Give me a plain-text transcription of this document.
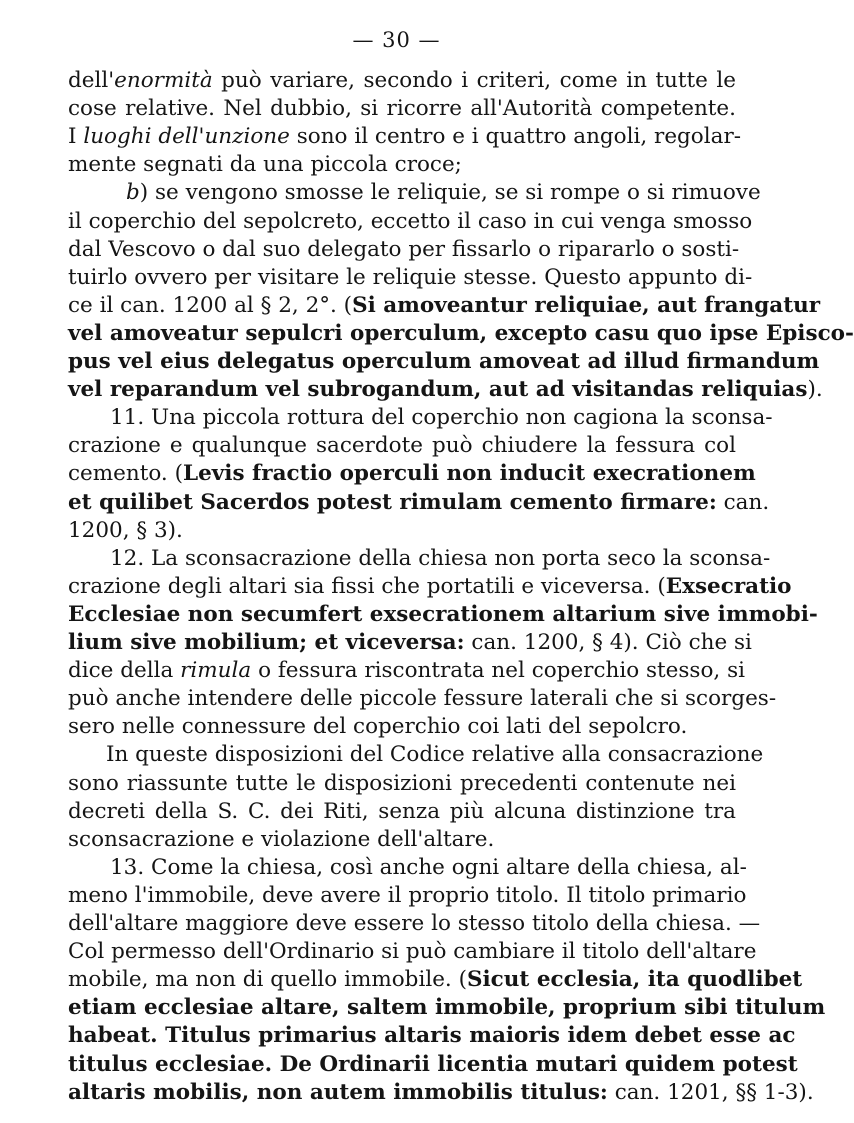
— 30 —
dell'enormità può variare, secondo i criteri, come in tutte le
cose relative. Nel dubbio, si ricorre all'Autorità competente.
I luoghi dell'unzione sono il centro e i quattro angoli, regolar-
mente segnati da una piccola croce;
b) se vengono smosse le reliquie, se si rompe o si rimuove
il coperchio del sepolcreto, eccetto il caso in cui venga smosso
dal Vescovo o dal suo delegato per fissarlo o ripararlo o sosti-
tuirlo ovvero per visitare le reliquie stesse. Questo appunto di-
ce il can. 1200 al § 2, 2°. (Si amoveantur reliquiae, aut frangatur
vel amoveatur sepulcri operculum, excepto casu quo ipse Episco-
pus vel eius delegatus operculum amoveat ad illud firmandum
vel reparandum vel subrogandum, aut ad visitandas reliquias).
11. Una piccola rottura del coperchio non cagiona la sconsa-
crazione e qualunque sacerdote può chiudere la fessura col
cemento. (Levis fractio operculi non inducit execrationem
et quilibet Sacerdos potest rimulam cemento firmare: can.
1200, § 3).
12. La sconsacrazione della chiesa non porta seco la sconsa-
crazione degli altari sia fissi che portatili e viceversa. (Exsecratio
Ecclesiae non secumfert exsecrationem altarium sive immobi-
lium sive mobilium; et viceversa: can. 1200, § 4). Ciò che si
dice della rimula o fessura riscontrata nel coperchio stesso, si
può anche intendere delle piccole fessure laterali che si scorges-
sero nelle connessure del coperchio coi lati del sepolcro.
In queste disposizioni del Codice relative alla consacrazione
sono riassunte tutte le disposizioni precedenti contenute nei
decreti della S. C. dei Riti, senza più alcuna distinzione tra
sconsacrazione e violazione dell'altare.
13. Come la chiesa, così anche ogni altare della chiesa, al-
meno l'immobile, deve avere il proprio titolo. Il titolo primario
dell'altare maggiore deve essere lo stesso titolo della chiesa. —
Col permesso dell'Ordinario si può cambiare il titolo dell'altare
mobile, ma non di quello immobile. (Sicut ecclesia, ita quodlibet
etiam ecclesiae altare, saltem immobile, proprium sibi titulum
habeat. Titulus primarius altaris maioris idem debet esse ac
titulus ecclesiae. De Ordinarii licentia mutari quidem potest
altaris mobilis, non autem immobilis titulus: can. 1201, §§ 1-3).
